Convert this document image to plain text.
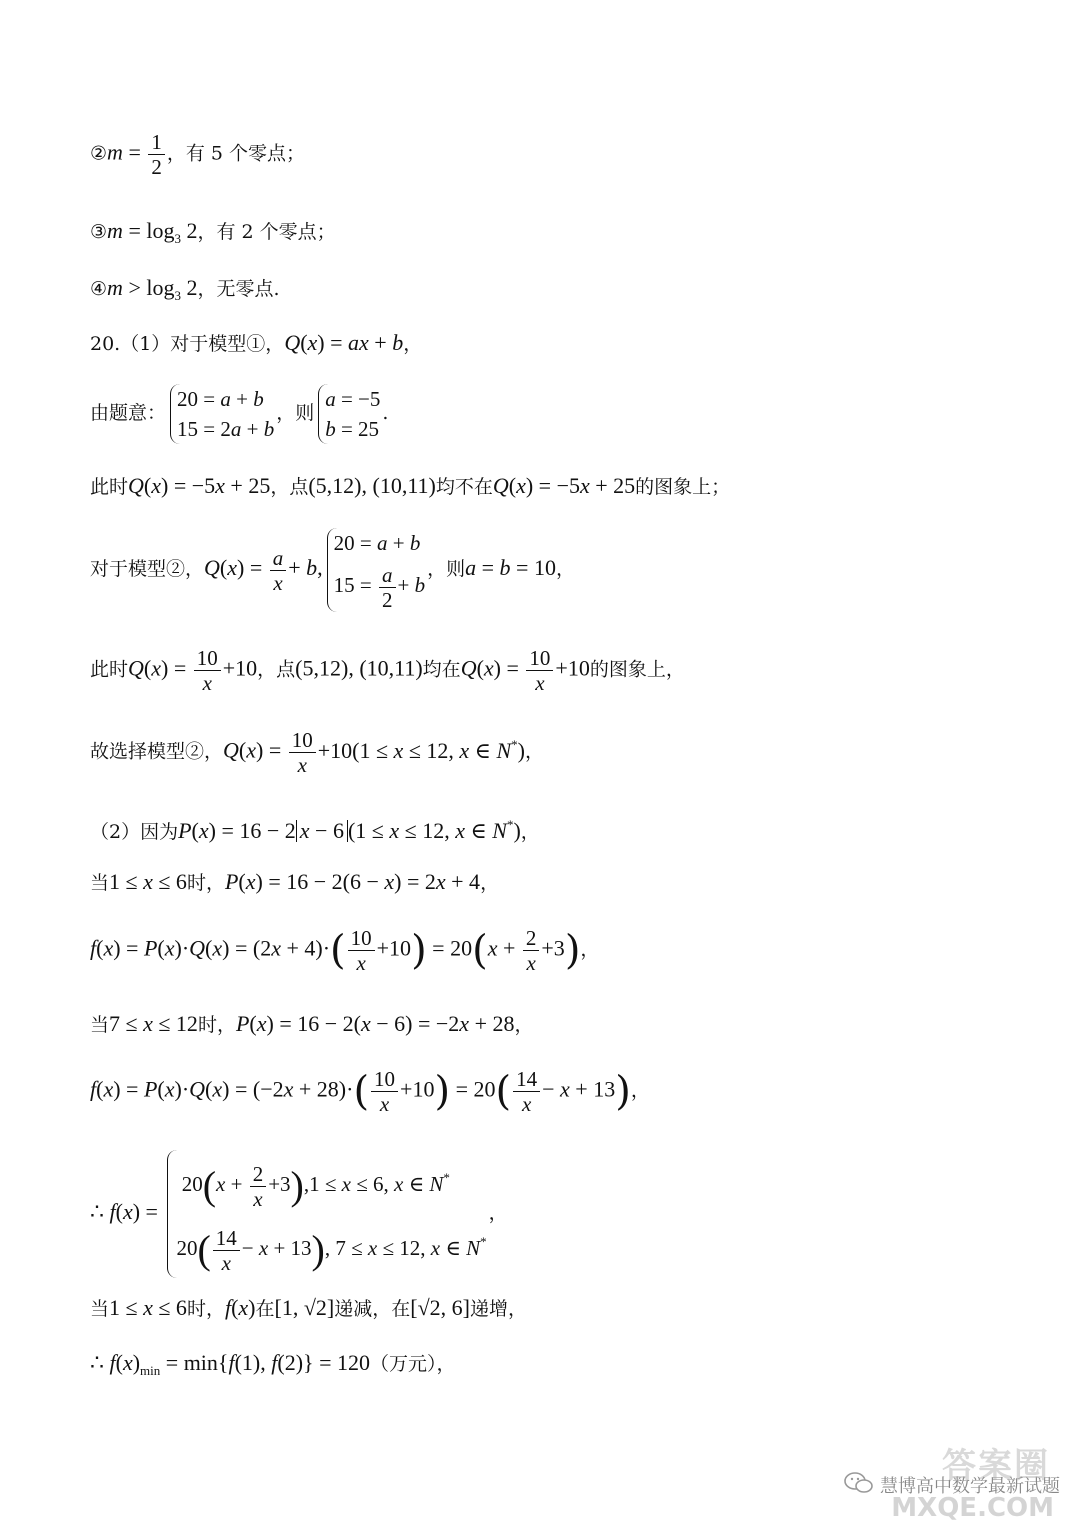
②m = $\frac{1}{2}$ ，有 5 个零点；
③m = $\log_3 2$，有 2 个零点；
④m > $\log_3 2$，无零点.
20.（1）对于模型①，Q(x) = ax + b，
由题意：
20 = a + b
15 = 2a + b
，则
a = −5
b = 25
.
此时Q(x) = −5x + 25，点(5,12), (10,11)均不在Q(x) = −5x + 25的图象上；
对于模型②，$Q(x) = \frac{a}{x} + b$,
20 = a + b
$15 = \frac{a}{2} + b$
，则a = b = 10，
此时$Q(x) = \frac{10}{x} +10$，点(5,12), (10,11)均在$Q(x) = \frac{10}{x} +10$的图象上，
故选择模型②，$Q(x) = \frac{10}{x} +10(1 \le x \le 12$, x ∈ N*)，
（2）因为P(x) = 16 − 2 x − 6 (1 ≤ x ≤ 12, x ∈ N*)，
当1 ≤ x ≤ 6时，P(x) = 16 − 2(6 − x) = 2x + 4，
$f(x) = P(x)\cdot Q(x) = (2x + 4)\cdot( \frac{10}{x} +10) = 20(x + \frac{2}{x} +3)$，
当7 ≤ x ≤ 12时，P(x) = 16 − 2(x − 6) = −2x + 28，
$f(x) = P(x)\cdot Q(x) = (-2x + 28)\cdot( \frac{10}{x} +10) = 20( \frac{14}{x} - x + 13)$，
∴ f(x) =
$20(x + \frac{2}{x} +3),1 \le x \le 6$, x ∈ N*
$20( \frac{14}{x} - x + 13)$, 7 ≤ x ≤ 12, x ∈ N*
，
当1 ≤ x ≤ 6时，f(x)在[1, √2]递减，在[√2, 6]递增，
∴ $f(x)_{min} = \min\{f(1)$, f(2)} = 120（万元），
慧博高中数学最新试题
答案圈
MXQE.COM
